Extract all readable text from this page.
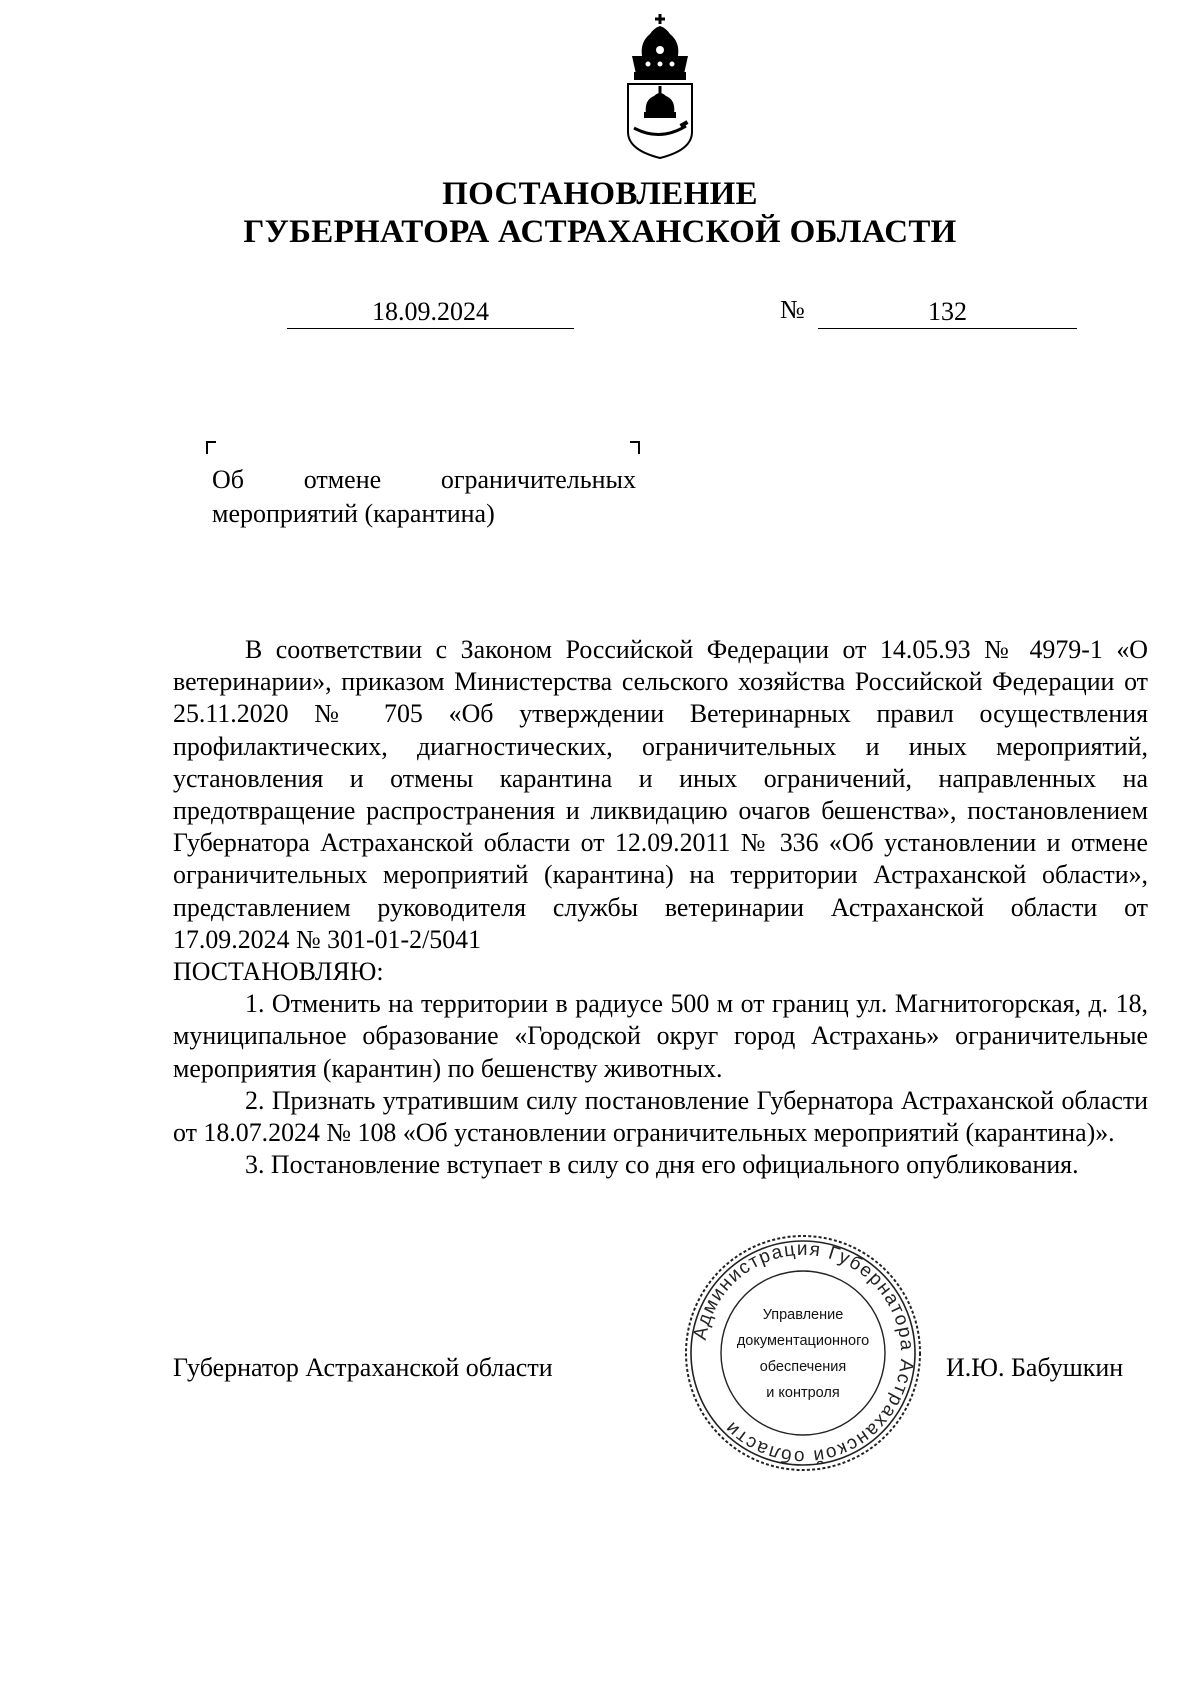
ПОСТАНОВЛЕНИЕ
ГУБЕРНАТОРА АСТРАХАНСКОЙ ОБЛАСТИ
18.09.2024	№	132
Об отмене ограничительных
мероприятий (карантина)

В соответствии с Законом Российской Федерации от 14.05.93 № 4979-1 «О ветеринарии», приказом Министерства сельского хозяйства Российской Федерации от 25.11.2020 № 705 «Об утверждении Ветеринарных правил осуществления профилактических, диагностических, ограничительных и иных мероприятий, установления и отмены карантина и иных ограничений, направленных на предотвращение распространения и ликвидацию очагов бешенства», постановлением Губернатора Астраханской области от 12.09.2011 № 336 «Об установлении и отмене ограничительных мероприятий (карантина) на территории Астраханской области», представлением руководителя службы ветеринарии Астраханской области от 17.09.2024 № 301-01-2/5041

ПОСТАНОВЛЯЮ:

1. Отменить на территории в радиусе 500 м от границ ул. Магнитогорская, д. 18, муниципальное образование «Городской округ город Астрахань» ограничительные мероприятия (карантин) по бешенству животных.

2. Признать утратившим силу постановление Губернатора Астраханской области от 18.07.2024 № 108 «Об установлении ограничительных мероприятий (карантина)».

3. Постановление вступает в силу со дня его официального опубликования.

Администрация Губернатора Астраханской области
Управление
документационного
обеспечения
и контроля
Губернатор Астраханской области	И.Ю. Бабушкин
